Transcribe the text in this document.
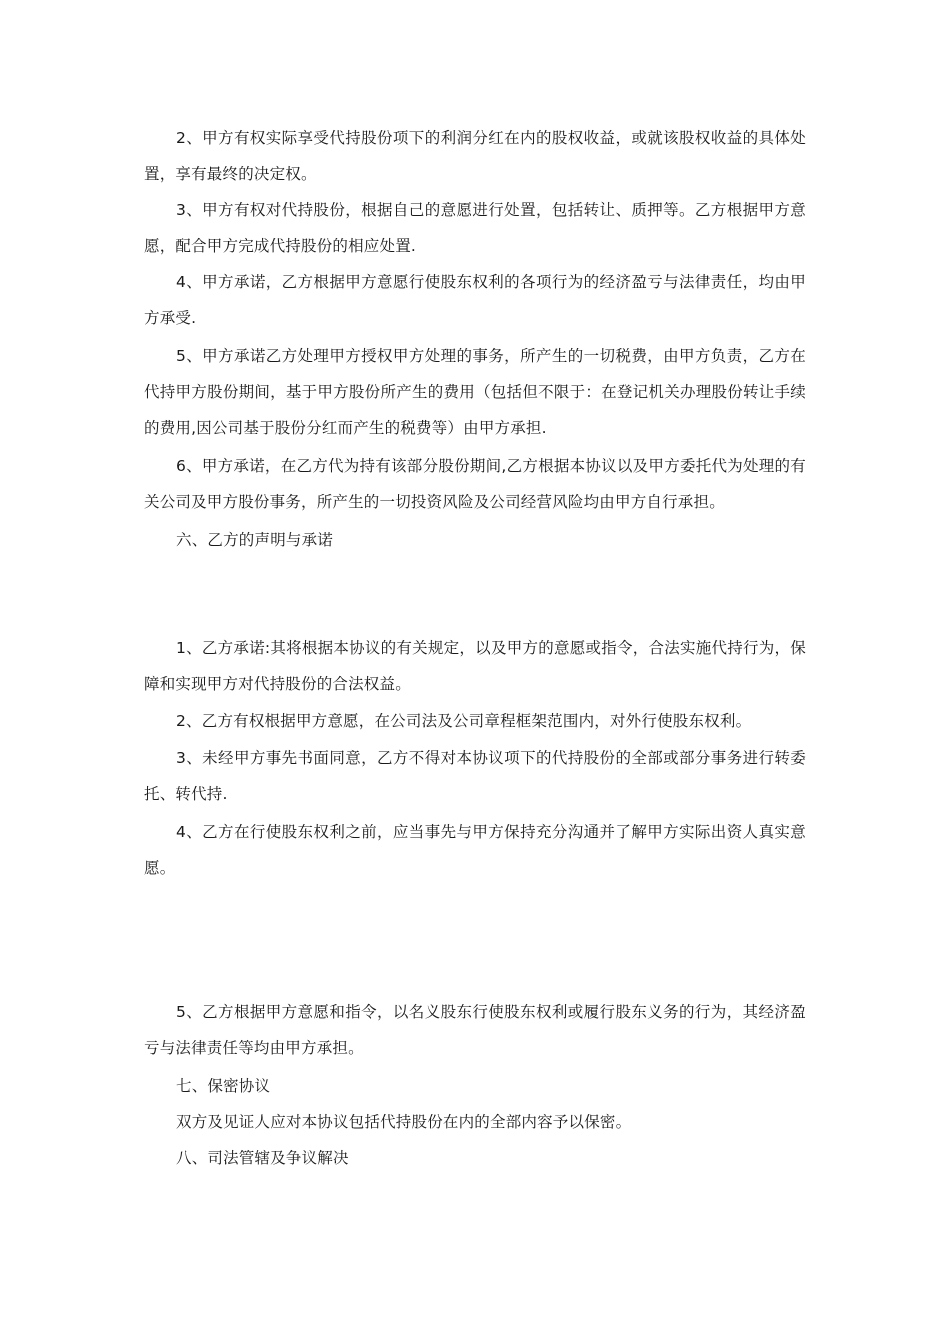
2、甲方有权实际享受代持股份项下的利润分红在内的股权收益，或就该股权收益的具体处置，享有最终的决定权。

3、甲方有权对代持股份，根据自己的意愿进行处置，包括转让、质押等。乙方根据甲方意愿，配合甲方完成代持股份的相应处置.

4、甲方承诺，乙方根据甲方意愿行使股东权利的各项行为的经济盈亏与法律责任，均由甲方承受.

5、甲方承诺乙方处理甲方授权甲方处理的事务，所产生的一切税费，由甲方负责，乙方在代持甲方股份期间，基于甲方股份所产生的费用（包括但不限于：在登记机关办理股份转让手续的费用,因公司基于股份分红而产生的税费等）由甲方承担.

6、甲方承诺，在乙方代为持有该部分股份期间,乙方根据本协议以及甲方委托代为处理的有关公司及甲方股份事务，所产生的一切投资风险及公司经营风险均由甲方自行承担。

六、乙方的声明与承诺

1、乙方承诺:其将根据本协议的有关规定，以及甲方的意愿或指令，合法实施代持行为，保障和实现甲方对代持股份的合法权益。

2、乙方有权根据甲方意愿，在公司法及公司章程框架范围内，对外行使股东权利。

3、未经甲方事先书面同意，乙方不得对本协议项下的代持股份的全部或部分事务进行转委托、转代持.

4、乙方在行使股东权利之前，应当事先与甲方保持充分沟通并了解甲方实际出资人真实意愿。

5、乙方根据甲方意愿和指令，以名义股东行使股东权利或履行股东义务的行为，其经济盈亏与法律责任等均由甲方承担。

七、保密协议

双方及见证人应对本协议包括代持股份在内的全部内容予以保密。

八、司法管辖及争议解决
